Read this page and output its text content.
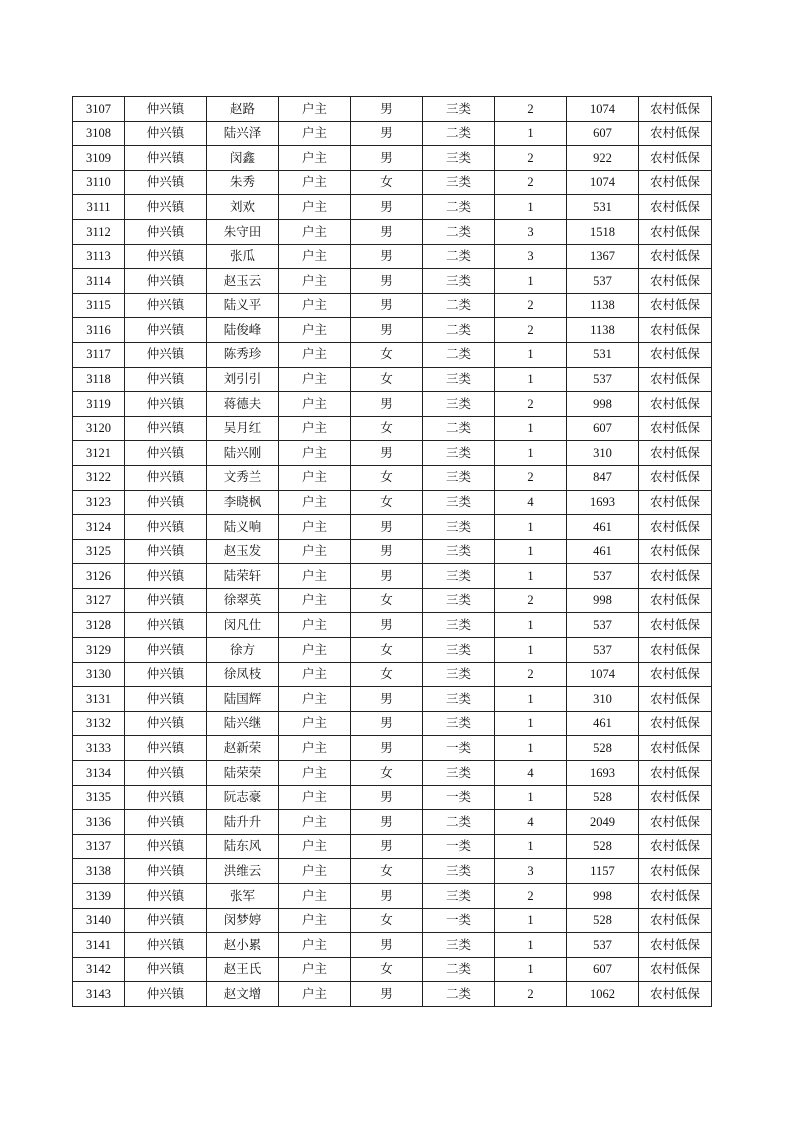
3107	仲兴镇	赵路	户主	男	三类	2	1074	农村低保
3108	仲兴镇	陆兴泽	户主	男	二类	1	607	农村低保
3109	仲兴镇	闵鑫	户主	男	三类	2	922	农村低保
3110	仲兴镇	朱秀	户主	女	三类	2	1074	农村低保
3111	仲兴镇	刘欢	户主	男	二类	1	531	农村低保
3112	仲兴镇	朱守田	户主	男	二类	3	1518	农村低保
3113	仲兴镇	张瓜	户主	男	二类	3	1367	农村低保
3114	仲兴镇	赵玉云	户主	男	三类	1	537	农村低保
3115	仲兴镇	陆义平	户主	男	二类	2	1138	农村低保
3116	仲兴镇	陆俊峰	户主	男	二类	2	1138	农村低保
3117	仲兴镇	陈秀珍	户主	女	二类	1	531	农村低保
3118	仲兴镇	刘引引	户主	女	三类	1	537	农村低保
3119	仲兴镇	蒋德夫	户主	男	三类	2	998	农村低保
3120	仲兴镇	吴月红	户主	女	二类	1	607	农村低保
3121	仲兴镇	陆兴刚	户主	男	三类	1	310	农村低保
3122	仲兴镇	文秀兰	户主	女	三类	2	847	农村低保
3123	仲兴镇	李晓枫	户主	女	三类	4	1693	农村低保
3124	仲兴镇	陆义响	户主	男	三类	1	461	农村低保
3125	仲兴镇	赵玉发	户主	男	三类	1	461	农村低保
3126	仲兴镇	陆荣轩	户主	男	三类	1	537	农村低保
3127	仲兴镇	徐翠英	户主	女	三类	2	998	农村低保
3128	仲兴镇	闵凡仕	户主	男	三类	1	537	农村低保
3129	仲兴镇	徐方	户主	女	三类	1	537	农村低保
3130	仲兴镇	徐凤枝	户主	女	三类	2	1074	农村低保
3131	仲兴镇	陆国辉	户主	男	三类	1	310	农村低保
3132	仲兴镇	陆兴继	户主	男	三类	1	461	农村低保
3133	仲兴镇	赵新荣	户主	男	一类	1	528	农村低保
3134	仲兴镇	陆荣荣	户主	女	三类	4	1693	农村低保
3135	仲兴镇	阮志豪	户主	男	一类	1	528	农村低保
3136	仲兴镇	陆升升	户主	男	二类	4	2049	农村低保
3137	仲兴镇	陆东风	户主	男	一类	1	528	农村低保
3138	仲兴镇	洪维云	户主	女	三类	3	1157	农村低保
3139	仲兴镇	张军	户主	男	三类	2	998	农村低保
3140	仲兴镇	闵梦婷	户主	女	一类	1	528	农村低保
3141	仲兴镇	赵小累	户主	男	三类	1	537	农村低保
3142	仲兴镇	赵王氏	户主	女	二类	1	607	农村低保
3143	仲兴镇	赵文增	户主	男	二类	2	1062	农村低保
